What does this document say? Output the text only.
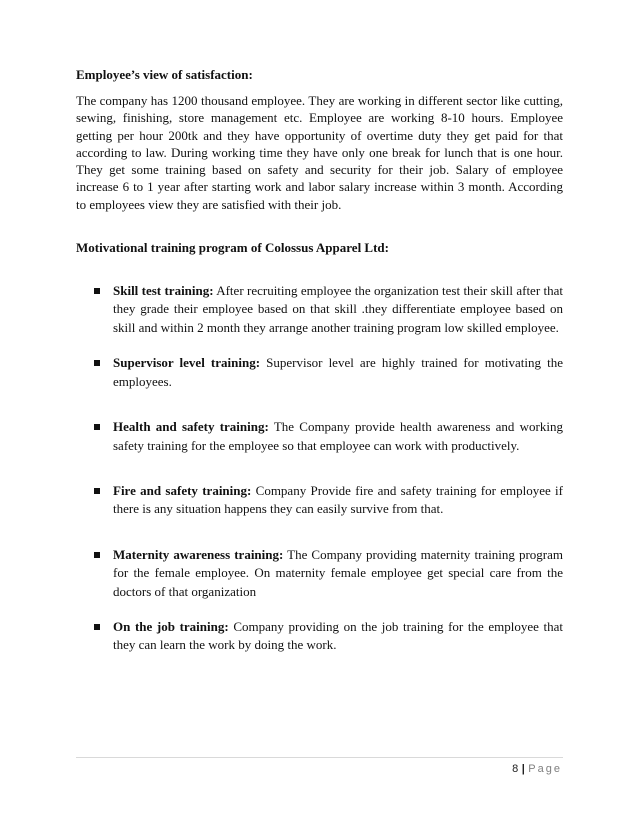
Employee’s view of satisfaction:

The company has 1200 thousand employee. They are working in different sector like cutting, sewing, finishing, store management etc. Employee are working 8-10 hours. Employee getting per hour 200tk and they have opportunity of overtime duty they get paid for that according to law. During working time they have only one break for lunch that is one hour. They get some training based on safety and security for their job. Salary of employee increase 6 to 1 year after starting work and labor salary increase within 3 month. According to employees view they are satisfied with their job.

Motivational training program of Colossus Apparel Ltd:

Skill test training: After recruiting employee the organization test their skill after that they grade their employee based on that skill .they differentiate employee based on skill and within 2 month they arrange another training program low skilled employee.
Supervisor level training: Supervisor level are highly trained for motivating the employees.
Health and safety training: The Company provide health awareness and working safety training for the employee so that employee can work with productively.
Fire and safety training: Company Provide fire and safety training for employee if there is any situation happens they can easily survive from that.
Maternity awareness training: The Company providing maternity training program for the female employee. On maternity female employee get special care from the doctors of that organization
On the job training: Company providing on the job training for the employee that they can learn the work by doing the work.
8 | Page
